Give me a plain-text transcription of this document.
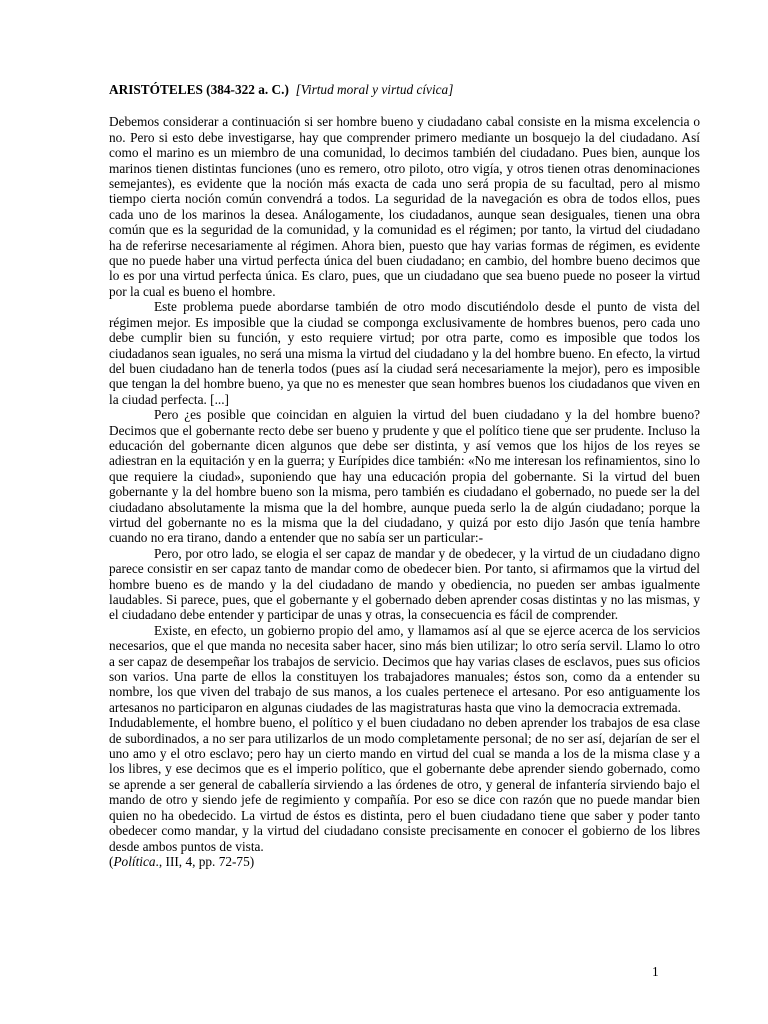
ARISTÓTELES (384-322 a. C.) [Virtud moral y virtud cívica]

Debemos considerar a continuación si ser hombre bueno y ciudadano cabal consiste en la misma excelencia o no. Pero si esto debe investigarse, hay que comprender primero mediante un bosquejo la del ciudadano. Así como el marino es un miembro de una comunidad, lo decimos también del ciudadano. Pues bien, aunque los marinos tienen distintas funciones (uno es remero, otro piloto, otro vigía, y otros tienen otras denominaciones semejantes), es evidente que la noción más exacta de cada uno será propia de su facultad, pero al mismo tiempo cierta noción común convendrá a todos. La seguridad de la navegación es obra de todos ellos, pues cada uno de los marinos la desea. Análogamente, los ciudadanos, aunque sean desiguales, tienen una obra común que es la seguridad de la comunidad, y la comunidad es el régimen; por tanto, la virtud del ciudadano ha de referirse necesariamente al régimen. Ahora bien, puesto que hay varias formas de régimen, es evidente que no puede haber una virtud perfecta única del buen ciudadano; en cambio, del hombre bueno decimos que lo es por una virtud perfecta única. Es claro, pues, que un ciudadano que sea bueno puede no poseer la virtud por la cual es bueno el hombre.

Este problema puede abordarse también de otro modo discutiéndolo desde el punto de vista del régimen mejor. Es imposible que la ciudad se componga exclusivamente de hombres buenos, pero cada uno debe cumplir bien su función, y esto requiere virtud; por otra parte, como es imposible que todos los ciudadanos sean iguales, no será una misma la virtud del ciudadano y la del hombre bueno. En efecto, la virtud del buen ciudadano han de tenerla todos (pues así la ciudad será necesariamente la mejor), pero es imposible que tengan la del hombre bueno, ya que no es menester que sean hombres buenos los ciudadanos que viven en la ciudad perfecta. [...]

Pero ¿es posible que coincidan en alguien la virtud del buen ciudadano y la del hombre bueno? Decimos que el gobernante recto debe ser bueno y prudente y que el político tiene que ser prudente. Incluso la educación del gobernante dicen algunos que debe ser distinta, y así vemos que los hijos de los reyes se adiestran en la equitación y en la guerra; y Eurípides dice también: «No me interesan los refinamientos, sino lo que requiere la ciudad», suponiendo que hay una educación propia del gobernante. Si la virtud del buen gobernante y la del hombre bueno son la misma, pero también es ciudadano el gobernado, no puede ser la del ciudadano absolutamente la misma que la del hombre, aunque pueda serlo la de algún ciudadano; porque la virtud del gobernante no es la misma que la del ciudadano, y quizá por esto dijo Jasón que tenía hambre cuando no era tirano, dando a entender que no sabía ser un particular:-

Pero, por otro lado, se elogia el ser capaz de mandar y de obedecer, y la virtud de un ciudadano digno parece consistir en ser capaz tanto de mandar como de obedecer bien. Por tanto, si afirmamos que la virtud del hombre bueno es de mando y la del ciudadano de mando y obediencia, no pueden ser ambas igualmente laudables. Si parece, pues, que el gobernante y el gobernado deben aprender cosas distintas y no las mismas, y el ciudadano debe entender y participar de unas y otras, la consecuencia es fácil de comprender.

Existe, en efecto, un gobierno propio del amo, y llamamos así al que se ejerce acerca de los servicios necesarios, que el que manda no necesita saber hacer, sino más bien utilizar; lo otro sería servil. Llamo lo otro a ser capaz de desempeñar los trabajos de servicio. Decimos que hay varias clases de esclavos, pues sus oficios son varios. Una parte de ellos la constituyen los trabajadores manuales; éstos son, como da a entender su nombre, los que viven del trabajo de sus manos, a los cuales pertenece el artesano. Por eso antiguamente los artesanos no participaron en algunas ciudades de las magistraturas hasta que vino la democracia extremada.

Indudablemente, el hombre bueno, el político y el buen ciudadano no deben aprender los trabajos de esa clase de subordinados, a no ser para utilizarlos de un modo completamente personal; de no ser así, dejarían de ser el uno amo y el otro esclavo; pero hay un cierto mando en virtud del cual se manda a los de la misma clase y a los libres, y ese decimos que es el imperio político, que el gobernante debe aprender siendo gobernado, como se aprende a ser general de caballería sirviendo a las órdenes de otro, y general de infantería sirviendo bajo el mando de otro y siendo jefe de regimiento y compañía. Por eso se dice con razón que no puede mandar bien quien no ha obedecido. La virtud de éstos es distinta, pero el buen ciudadano tiene que saber y poder tanto obedecer como mandar, y la virtud del ciudadano consiste precisamente en conocer el gobierno de los libres desde ambos puntos de vista.

(Política., III, 4, pp. 72-75)

1
